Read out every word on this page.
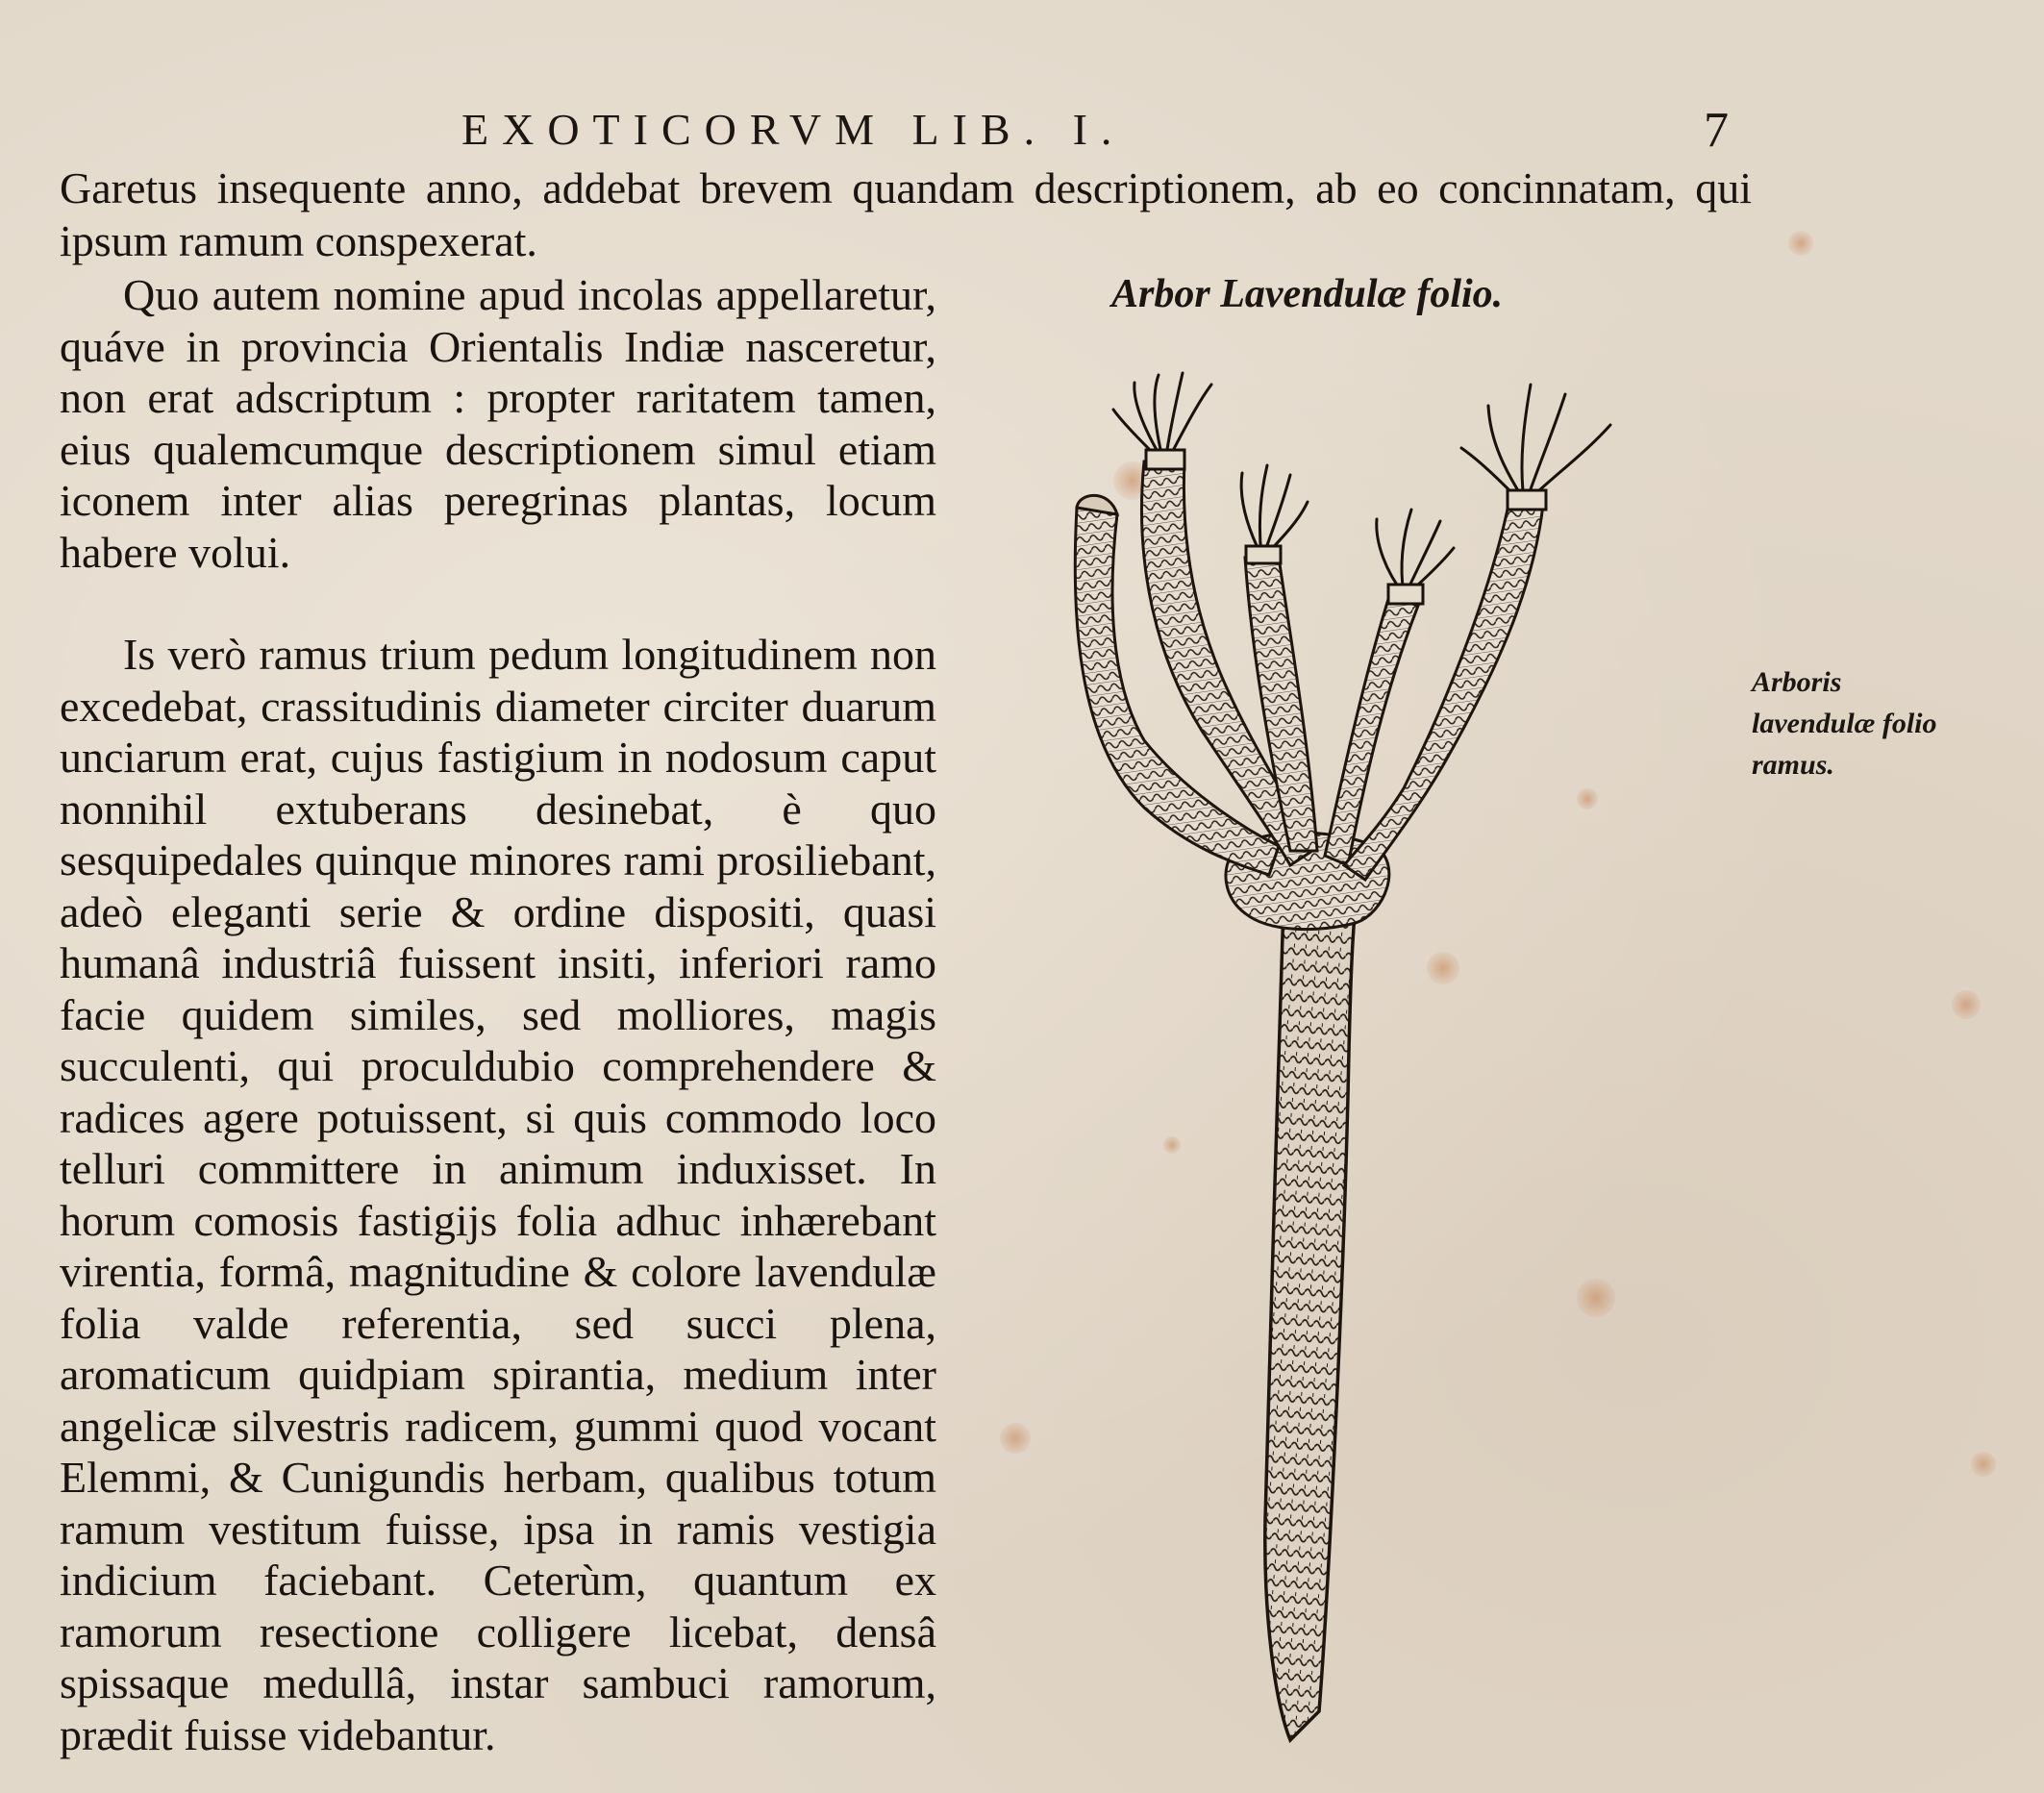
EXOTICORVM LIB. I.	7
Garetus insequente anno, addebat brevem quandam descriptionem, ab eo concinnatam, qui ipsum ramum conspexerat.

Quo autem nomine apud incolas appellaretur, quáve in provincia Orientalis Indiæ nasceretur, non erat adscriptum : propter raritatem tamen, eius qualemcumque descriptionem simul etiam iconem inter alias peregrinas plantas, locum habere volui.

Is verò ramus trium pedum longitudinem non excedebat, crassitudinis diameter circiter duarum unciarum erat, cujus fastigium in nodosum caput nonnihil extuberans desinebat, è quo sesquipedales quinque minores rami prosiliebant, adeò eleganti serie & ordine dispositi, quasi humanâ industriâ fuissent insiti, inferiori ramo facie quidem similes, sed molliores, magis succulenti, qui proculdubio comprehendere & radices agere potuissent, si quis commodo loco telluri committere in animum induxisset. In horum comosis fastigijs folia adhuc inhærebant virentia, formâ, magnitudine & colore lavendulæ folia valde referentia, sed succi plena, aromaticum quidpiam spirantia, medium inter angelicæ silvestris radicem, gummi quod vocant Elemmi, & Cunigundis herbam, qualibus totum ramum vestitum fuisse, ipsa in ramis vestigia indicium faciebant. Ceterùm, quantum ex ramorum resectione colligere licebat, densâ spissaque medullâ, instar sambuci ramorum, prædit fuisse videbantur.

Arbor Lavendulæ folio.
Arboris lavendulæ folio ramus.
